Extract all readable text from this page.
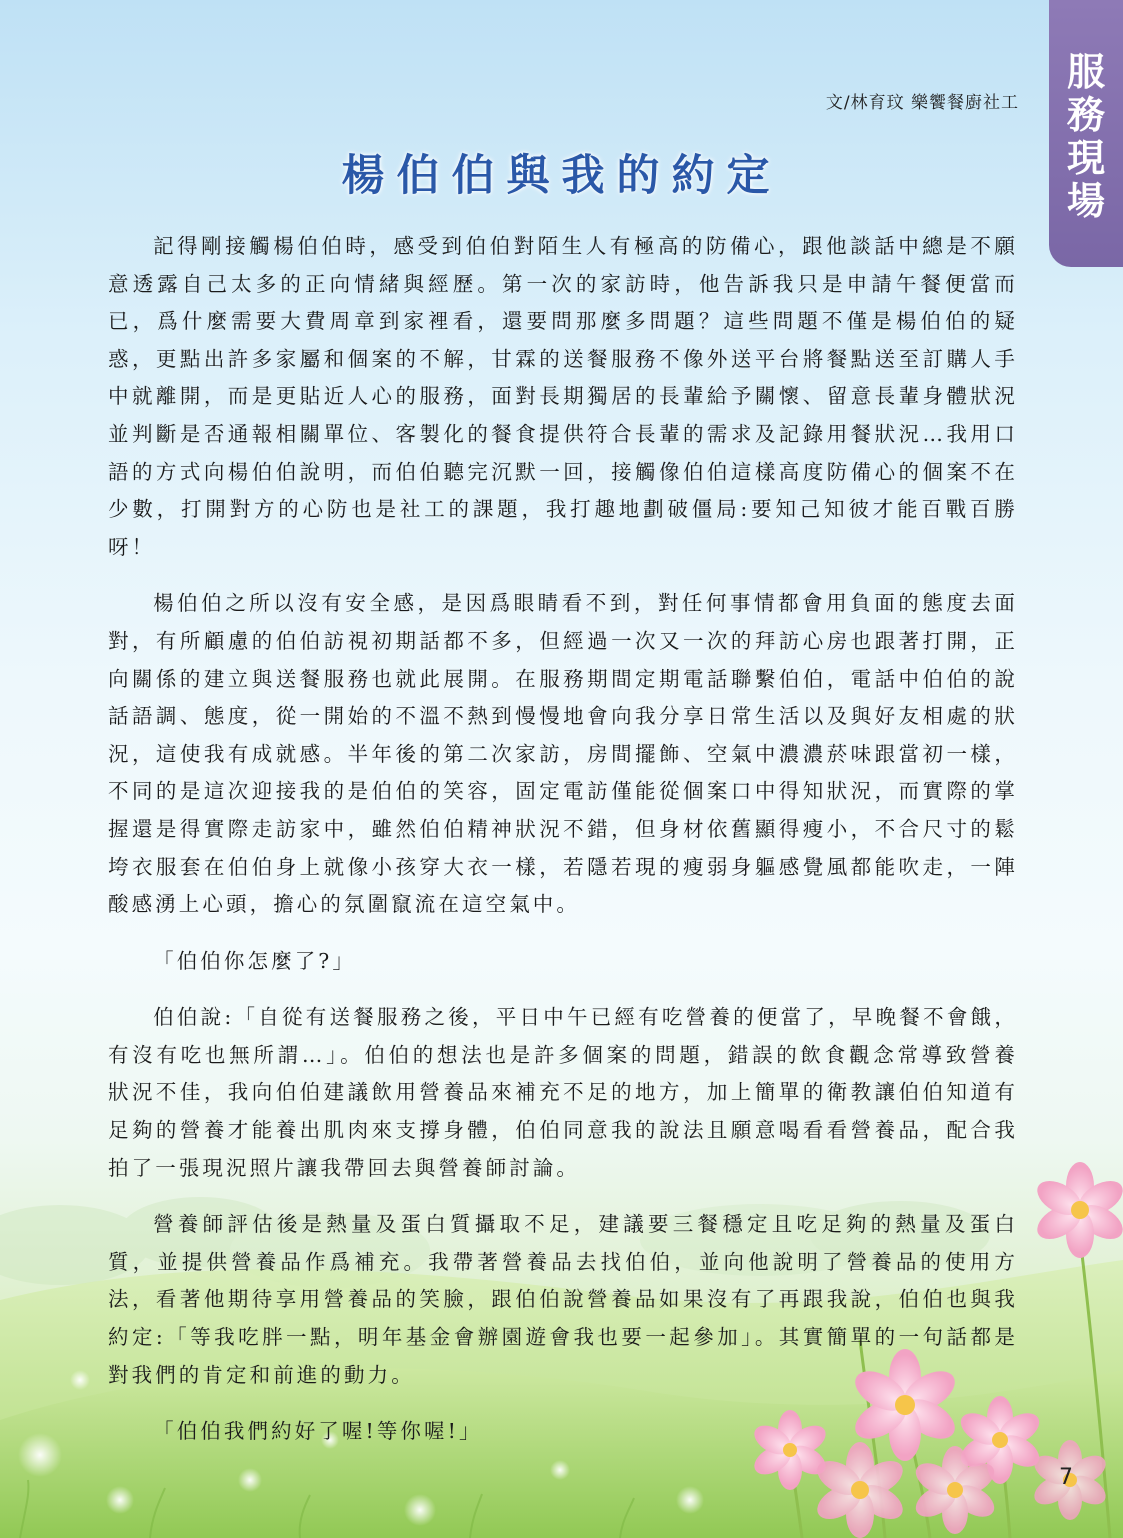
服
務
現
場
文/林育玟 樂饗餐廚社工
楊伯伯與我的約定

記得剛接觸楊伯伯時，感受到伯伯對陌生人有極高的防備心，跟他談話中總是不願意透露自己太多的正向情緒與經歷。第一次的家訪時，他告訴我只是申請午餐便當而已，爲什麼需要大費周章到家裡看，還要問那麼多問題？這些問題不僅是楊伯伯的疑惑，更點出許多家屬和個案的不解，甘霖的送餐服務不像外送平台將餐點送至訂購人手中就離開，而是更貼近人心的服務，面對長期獨居的長輩給予關懷、留意長輩身體狀況並判斷是否通報相關單位、客製化的餐食提供符合長輩的需求及記錄用餐狀況…我用口語的方式向楊伯伯說明，而伯伯聽完沉默一回，接觸像伯伯這樣高度防備心的個案不在少數，打開對方的心防也是社工的課題，我打趣地劃破僵局:要知己知彼才能百戰百勝呀！

楊伯伯之所以沒有安全感，是因爲眼睛看不到，對任何事情都會用負面的態度去面對，有所顧慮的伯伯訪視初期話都不多，但經過一次又一次的拜訪心房也跟著打開，正向關係的建立與送餐服務也就此展開。在服務期間定期電話聯繫伯伯，電話中伯伯的說話語調、態度，從一開始的不溫不熱到慢慢地會向我分享日常生活以及與好友相處的狀況，這使我有成就感。半年後的第二次家訪，房間擺飾、空氣中濃濃菸味跟當初一樣，不同的是這次迎接我的是伯伯的笑容，固定電訪僅能從個案口中得知狀況，而實際的掌握還是得實際走訪家中，雖然伯伯精神狀況不錯，但身材依舊顯得瘦小，不合尺寸的鬆垮衣服套在伯伯身上就像小孩穿大衣一樣，若隱若現的瘦弱身軀感覺風都能吹走，一陣酸感湧上心頭，擔心的氛圍竄流在這空氣中。

「伯伯你怎麼了?」

伯伯說:「自從有送餐服務之後，平日中午已經有吃營養的便當了，早晚餐不會餓，有沒有吃也無所謂…」。伯伯的想法也是許多個案的問題，錯誤的飲食觀念常導致營養狀況不佳，我向伯伯建議飲用營養品來補充不足的地方，加上簡單的衛教讓伯伯知道有足夠的營養才能養出肌肉來支撐身體，伯伯同意我的說法且願意喝看看營養品，配合我拍了一張現況照片讓我帶回去與營養師討論。

營養師評估後是熱量及蛋白質攝取不足，建議要三餐穩定且吃足夠的熱量及蛋白質，並提供營養品作爲補充。我帶著營養品去找伯伯，並向他說明了營養品的使用方法，看著他期待享用營養品的笑臉，跟伯伯說營養品如果沒有了再跟我說，伯伯也與我約定:「等我吃胖一點，明年基金會辦園遊會我也要一起參加」。其實簡單的一句話都是對我們的肯定和前進的動力。

「伯伯我們約好了喔!等你喔!」

7
